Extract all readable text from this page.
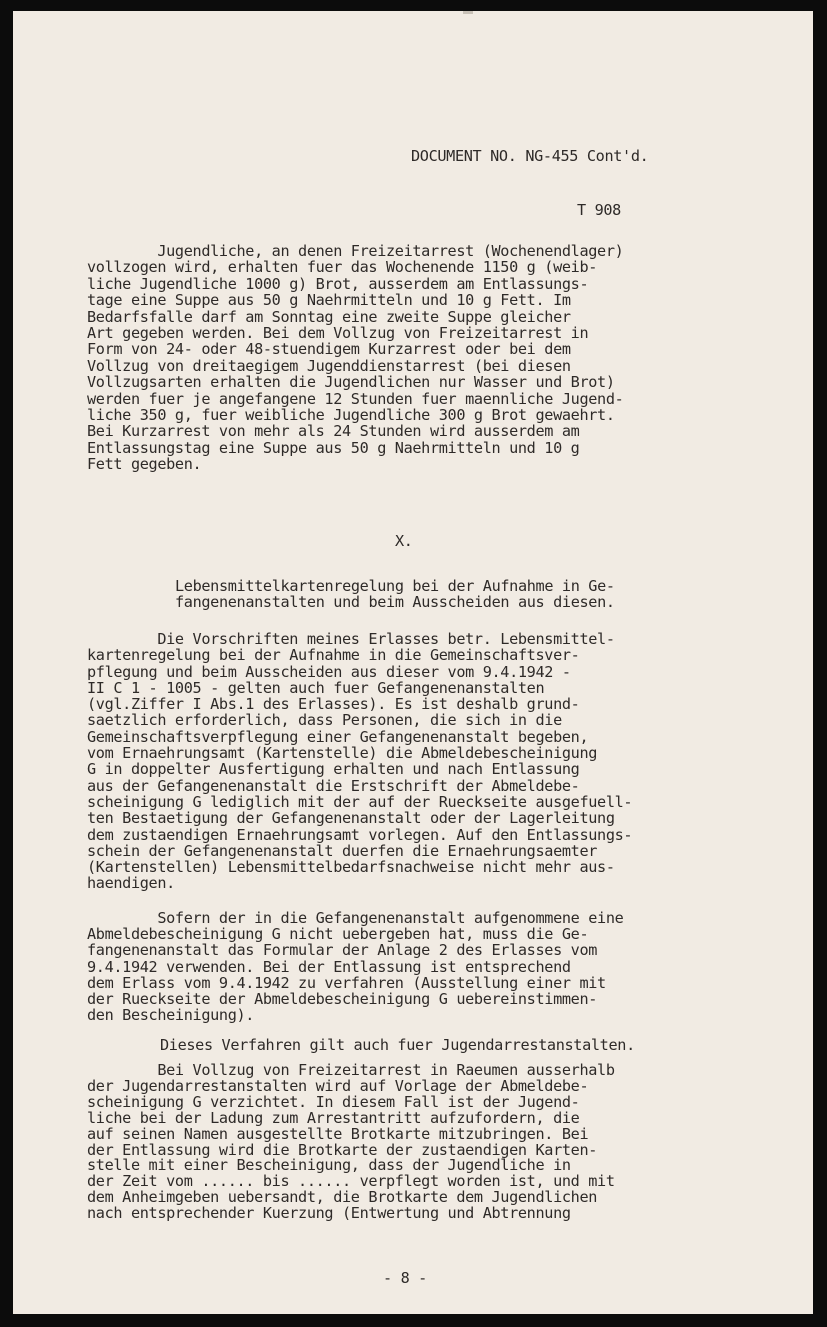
DOCUMENT NO. NG-455 Cont'd.
T 908
Jugendliche, an denen Freizeitarrest (Wochenendlager)
vollzogen wird, erhalten fuer das Wochenende 1150 g (weib-
liche Jugendliche 1000 g) Brot, ausserdem am Entlassungs-
tage eine Suppe aus 50 g Naehrmitteln und 10 g Fett. Im
Bedarfsfalle darf am Sonntag eine zweite Suppe gleicher
Art gegeben werden. Bei dem Vollzug von Freizeitarrest in
Form von 24- oder 48-stuendigem Kurzarrest oder bei dem
Vollzug von dreitaegigem Jugenddienstarrest (bei diesen
Vollzugsarten erhalten die Jugendlichen nur Wasser und Brot)
werden fuer je angefangene 12 Stunden fuer maennliche Jugend-
liche 350 g, fuer weibliche Jugendliche 300 g Brot gewaehrt.
Bei Kurzarrest von mehr als 24 Stunden wird ausserdem am
Entlassungstag eine Suppe aus 50 g Naehrmitteln und 10 g
Fett gegeben.
X.
Lebensmittelkartenregelung bei der Aufnahme in Ge-
fangenenanstalten und beim Ausscheiden aus diesen.
Die Vorschriften meines Erlasses betr. Lebensmittel-
kartenregelung bei der Aufnahme in die Gemeinschaftsver-
pflegung und beim Ausscheiden aus dieser vom 9.4.1942 -
II C 1 - 1005 - gelten auch fuer Gefangenenanstalten
(vgl.Ziffer I Abs.1 des Erlasses). Es ist deshalb grund-
saetzlich erforderlich, dass Personen, die sich in die
Gemeinschaftsverpflegung einer Gefangenenanstalt begeben,
vom Ernaehrungsamt (Kartenstelle) die Abmeldebescheinigung
G in doppelter Ausfertigung erhalten und nach Entlassung
aus der Gefangenenanstalt die Erstschrift der Abmeldebe-
scheinigung G lediglich mit der auf der Rueckseite ausgefuell-
ten Bestaetigung der Gefangenenanstalt oder der Lagerleitung
dem zustaendigen Ernaehrungsamt vorlegen. Auf den Entlassungs-
schein der Gefangenenanstalt duerfen die Ernaehrungsaemter
(Kartenstellen) Lebensmittelbedarfsnachweise nicht mehr aus-
haendigen.
Sofern der in die Gefangenenanstalt aufgenommene eine
Abmeldebescheinigung G nicht uebergeben hat, muss die Ge-
fangenenanstalt das Formular der Anlage 2 des Erlasses vom
9.4.1942 verwenden. Bei der Entlassung ist entsprechend
dem Erlass vom 9.4.1942 zu verfahren (Ausstellung einer mit
der Rueckseite der Abmeldebescheinigung G uebereinstimmen-
den Bescheinigung).
Dieses Verfahren gilt auch fuer Jugendarrestanstalten.
Bei Vollzug von Freizeitarrest in Raeumen ausserhalb
der Jugendarrestanstalten wird auf Vorlage der Abmeldebe-
scheinigung G verzichtet. In diesem Fall ist der Jugend-
liche bei der Ladung zum Arrestantritt aufzufordern, die
auf seinen Namen ausgestellte Brotkarte mitzubringen. Bei
der Entlassung wird die Brotkarte der zustaendigen Karten-
stelle mit einer Bescheinigung, dass der Jugendliche in
der Zeit vom ...... bis ...... verpflegt worden ist, und mit
dem Anheimgeben uebersandt, die Brotkarte dem Jugendlichen
nach entsprechender Kuerzung (Entwertung und Abtrennung
- 8 -
